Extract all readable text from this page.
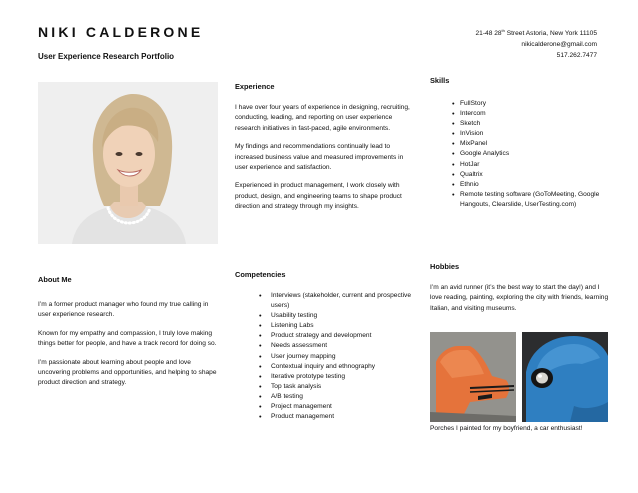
NIKI CALDERONE
User Experience Research Portfolio
21-48 28th Street Astoria, New York 11105
nikicalderone@gmail.com
517.262.7477
About Me

I’m a former product manager who found my true calling in user experience research.

Known for my empathy and compassion, I truly love making things better for people, and have a track record for doing so.

I’m passionate about learning about people and love uncovering problems and opportunities, and helping to shape product direction and strategy.

Experience

I have over four years of experience in designing, recruiting, conducting, leading, and reporting on user experience research initiatives in fast-paced, agile environments.

My findings and recommendations continually lead to increased business value and measured improvements in user experience and satisfaction.

Experienced in product management, I work closely with product, design, and engineering teams to shape product direction and strategy through my insights.

Competencies
• Interviews (stakeholder, current and prospective users)
• Usability testing
• Listening Labs
• Product strategy and development
• Needs assessment
• User journey mapping
• Contextual inquiry and ethnography
• Iterative prototype testing
• Top task analysis
• A/B testing
• Project management
• Product management
Skills
• FullStory
• Intercom
• Sketch
• InVision
• MixPanel
• Google Analytics
• HotJar
• Qualtrix
• Ethnio
• Remote testing software (GoToMeeting, Google Hangouts, Clearslide, UserTesting.com)
Hobbies

I’m an avid runner (it’s the best way to start the day!) and I love reading, painting, exploring the city with friends, learning Italian, and visiting museums.

Porches I painted for my boyfriend, a car enthusiast!
